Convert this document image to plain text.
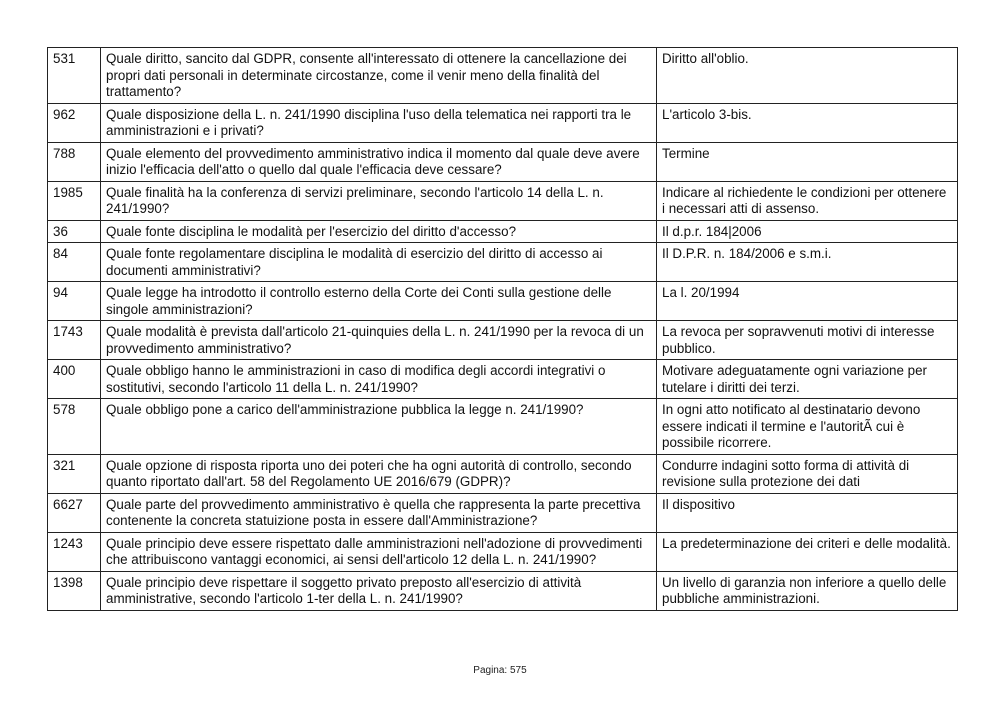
531	Quale diritto, sancito dal GDPR, consente all'interessato di ottenere la cancellazione dei propri dati personali in determinate circostanze, come il venir meno della finalità del trattamento?	Diritto all'oblio.
962	Quale disposizione della L. n. 241/1990 disciplina l'uso della telematica nei rapporti tra le amministrazioni e i privati?	L'articolo 3-bis.
788	Quale elemento del provvedimento amministrativo indica il momento dal quale deve avere inizio l'efficacia dell'atto o quello dal quale l'efficacia deve cessare?	Termine
1985	Quale finalità ha la conferenza di servizi preliminare, secondo l'articolo 14 della L. n. 241/1990?	Indicare al richiedente le condizioni per ottenere i necessari atti di assenso.
36	Quale fonte disciplina le modalità per l'esercizio del diritto d'accesso?	Il d.p.r. 184|2006
84	Quale fonte regolamentare disciplina le modalità di esercizio del diritto di accesso ai documenti amministrativi?	Il D.P.R. n. 184/2006 e s.m.i.
94	Quale legge ha introdotto il controllo esterno della Corte dei Conti sulla gestione delle singole amministrazioni?	La l. 20/1994
1743	Quale modalità è prevista dall'articolo 21-quinquies della L. n. 241/1990 per la revoca di un provvedimento amministrativo?	La revoca per sopravvenuti motivi di interesse pubblico.
400	Quale obbligo hanno le amministrazioni in caso di modifica degli accordi integrativi o sostitutivi, secondo l'articolo 11 della L. n. 241/1990?	Motivare adeguatamente ogni variazione per tutelare i diritti dei terzi.
578	Quale obbligo pone a carico dell'amministrazione pubblica la legge n. 241/1990?	In ogni atto notificato al destinatario devono essere indicati il termine e l'autoritÃ cui è possibile ricorrere.
321	Quale opzione di risposta riporta uno dei poteri che ha ogni autorità di controllo, secondo quanto riportato dall'art. 58 del Regolamento UE 2016/679 (GDPR)?	Condurre indagini sotto forma di attività di revisione sulla protezione dei dati
6627	Quale parte del provvedimento amministrativo è quella che rappresenta la parte precettiva contenente la concreta statuizione posta in essere dall'Amministrazione?	Il dispositivo
1243	Quale principio deve essere rispettato dalle amministrazioni nell'adozione di provvedimenti che attribuiscono vantaggi economici, ai sensi dell'articolo 12 della L. n. 241/1990?	La predeterminazione dei criteri e delle modalità.
1398	Quale principio deve rispettare il soggetto privato preposto all'esercizio di attività amministrative, secondo l'articolo 1-ter della L. n. 241/1990?	Un livello di garanzia non inferiore a quello delle pubbliche amministrazioni.
Pagina: 575
